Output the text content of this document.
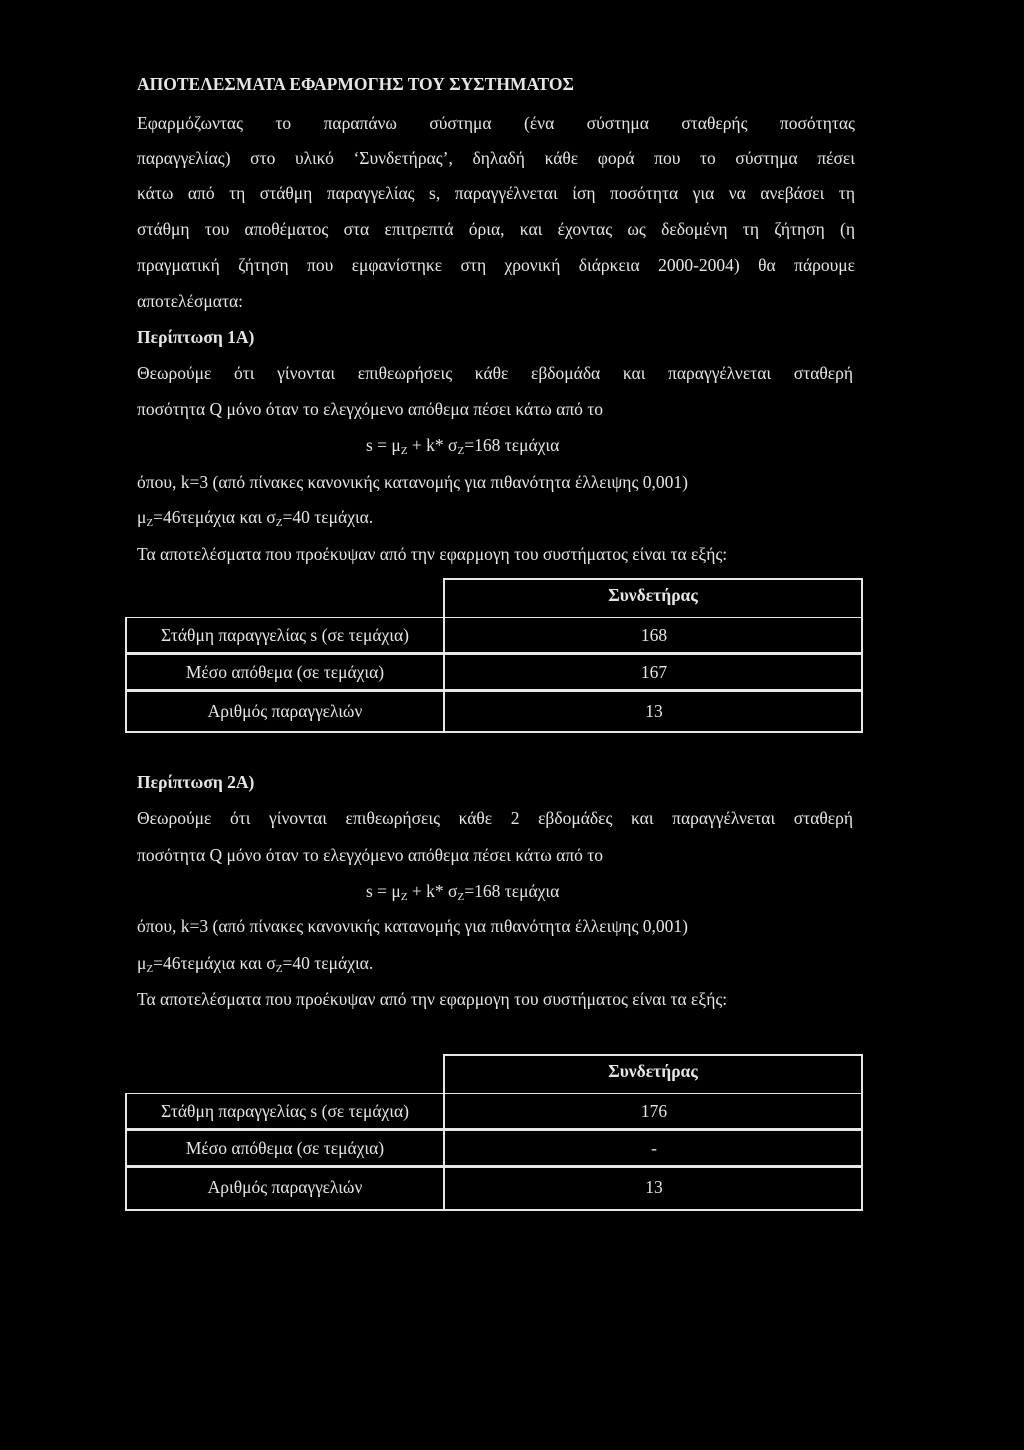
ΑΠΟΤΕΛΕΣΜΑΤΑ ΕΦΑΡΜΟΓΗΣ ΤΟΥ ΣΥΣΤΗΜΑΤΟΣ
Εφαρμόζωντας το παραπάνω σύστημα (ένα σύστημα σταθερής ποσότητας
παραγγελίας) στο υλικό ‘Συνδετήρας’, δηλαδή κάθε φορά που το σύστημα πέσει
κάτω από τη στάθμη παραγγελίας s, παραγγέλνεται ίση ποσότητα για να ανεβάσει τη
στάθμη του αποθέματος στα επιτρεπτά όρια, και έχοντας ως δεδομένη τη ζήτηση (η
πραγματική ζήτηση που εμφανίστηκε στη χρονική διάρκεια 2000-2004) θα πάρουμε
αποτελέσματα:
Περίπτωση 1Α)
Θεωρούμε ότι γίνονται επιθεωρήσεις κάθε εβδομάδα και παραγγέλνεται σταθερή
ποσότητα Q μόνο όταν το ελεγχόμενο απόθεμα πέσει κάτω από το
$s = \mu_Z + k*$ $\sigma_Z=168$ τεμάχια
όπου, k=3 (από πίνακες κανονικής κατανομής για πιθανότητα έλλειψης 0,001)
$\mu_Z=46\tau\varepsilon\mu ά\chi\iota\alpha$ και $\sigma_Z=40$ τεμάχια.
Τα αποτελέσματα που προέκυψαν από την εφαρμογη του συστήματος είναι τα εξής:
Συνδετήρας
Στάθμη παραγγελίας s (σε τεμάχια)	168
Μέσο απόθεμα (σε τεμάχια)	167
Αριθμός παραγγελιών	13
Περίπτωση 2Α)
Θεωρούμε ότι γίνονται επιθεωρήσεις κάθε 2 εβδομάδες και παραγγέλνεται σταθερή
ποσότητα Q μόνο όταν το ελεγχόμενο απόθεμα πέσει κάτω από το
$s = \mu_Z + k*$ $\sigma_Z=168$ τεμάχια
όπου, k=3 (από πίνακες κανονικής κατανομής για πιθανότητα έλλειψης 0,001)
$\mu_Z=46\tau\varepsilon\mu ά\chi\iota\alpha$ και $\sigma_Z=40$ τεμάχια.
Τα αποτελέσματα που προέκυψαν από την εφαρμογη του συστήματος είναι τα εξής:
Συνδετήρας
Στάθμη παραγγελίας s (σε τεμάχια)	176
Μέσο απόθεμα (σε τεμάχια)	-
Αριθμός παραγγελιών	13
